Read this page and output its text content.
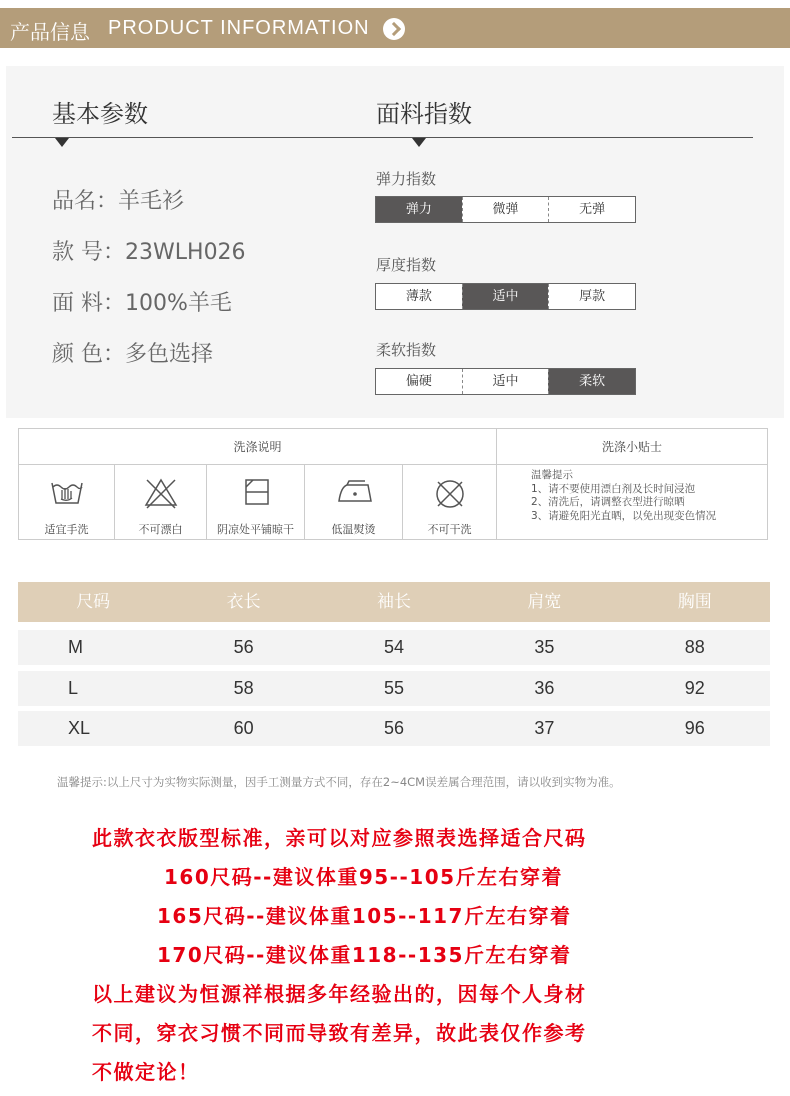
产品信息 PRODUCT INFORMATION
基本参数	面料指数
品名：羊毛衫
款 号：23WLH026
面 料：100%羊毛
颜 色：多色选择
弹力指数
弹力	微弹	无弹
厚度指数
薄款	适中	厚款
柔软指数
偏硬	适中	柔软
洗涤说明	洗涤小贴士
适宜手洗	不可漂白	阴凉处平铺晾干	低温熨烫	不可干洗
温馨提示
1、请不要使用漂白剂及长时间浸泡
2、清洗后，请调整衣型进行晾晒
3、请避免阳光直晒，以免出现变色情况
尺码	衣长	袖长	肩宽	胸围
M	56	54	35	88
L	58	55	36	92
XL	60	56	37	96
温馨提示:以上尺寸为实物实际测量，因手工测量方式不同，存在2~4CM误差属合理范围，请以收到实物为准。
此款衣衣版型标准，亲可以对应参照表选择适合尺码
160尺码--建议体重95--105斤左右穿着
165尺码--建议体重105--117斤左右穿着
170尺码--建议体重118--135斤左右穿着
以上建议为恒源祥根据多年经验出的，因每个人身材
不同，穿衣习惯不同而导致有差异，故此表仅作参考
不做定论！
